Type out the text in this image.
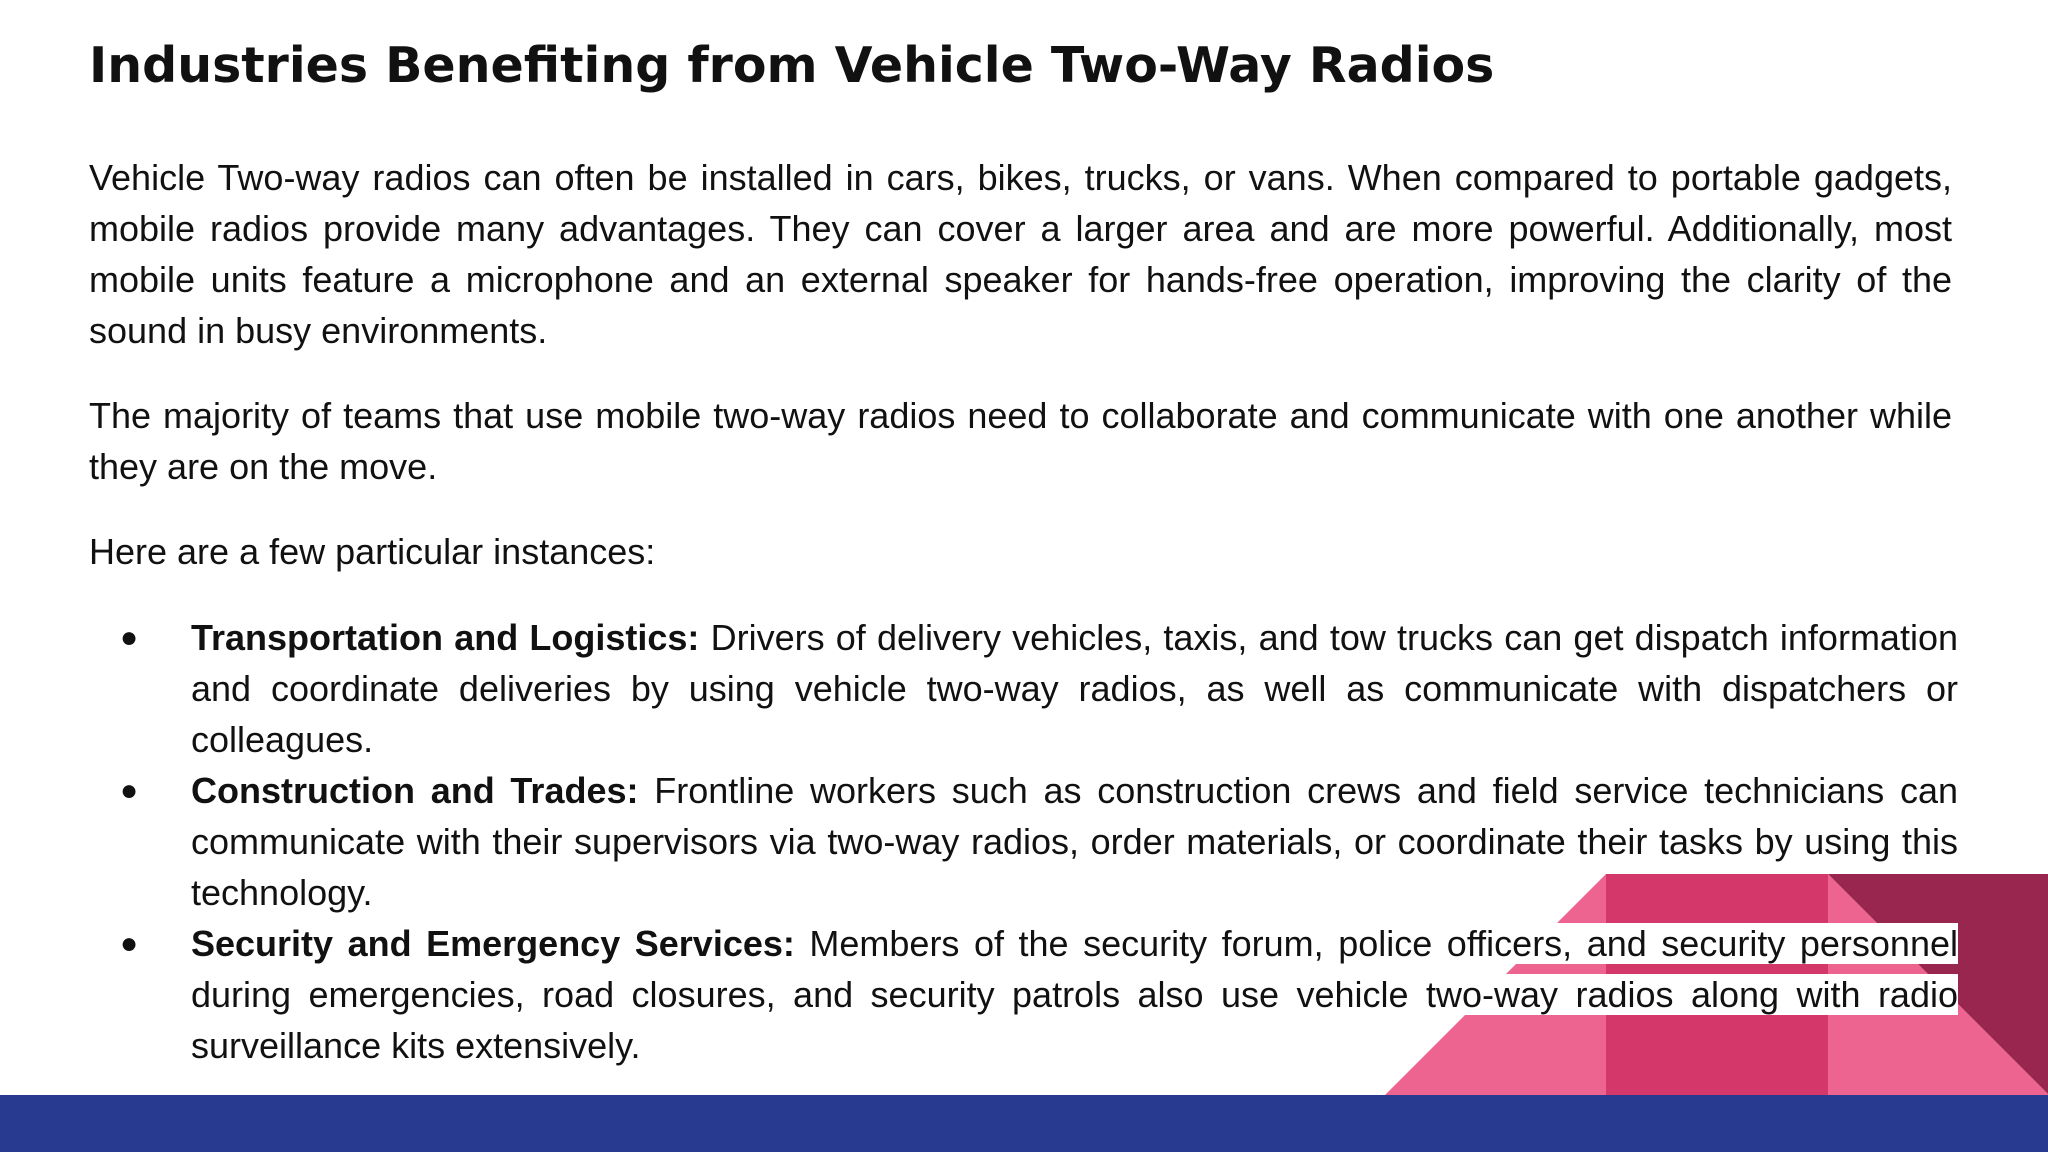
Industries Benefiting from Vehicle Two-Way Radios

Vehicle Two-way radios can often be installed in cars, bikes, trucks, or vans. When compared to portable gadgets, mobile radios provide many advantages. They can cover a larger area and are more powerful. Additionally, most mobile units feature a microphone and an external speaker for hands-free operation, improving the clarity of the sound in busy environments.

The majority of teams that use mobile two-way radios need to collaborate and communicate with one another while they are on the move.

Here are a few particular instances:

● Transportation and Logistics: Drivers of delivery vehicles, taxis, and tow trucks can get dispatch information and coordinate deliveries by using vehicle two-way radios, as well as communicate with dispatchers or colleagues.
● Construction and Trades: Frontline workers such as construction crews and field service technicians can communicate with their supervisors via two-way radios, order materials, or coordinate their tasks by using this technology.
● Security and Emergency Services: Members of the security forum, police officers, and security personnel during emergencies, road closures, and security patrols also use vehicle two-way radios along with radio surveillance kits extensively.
